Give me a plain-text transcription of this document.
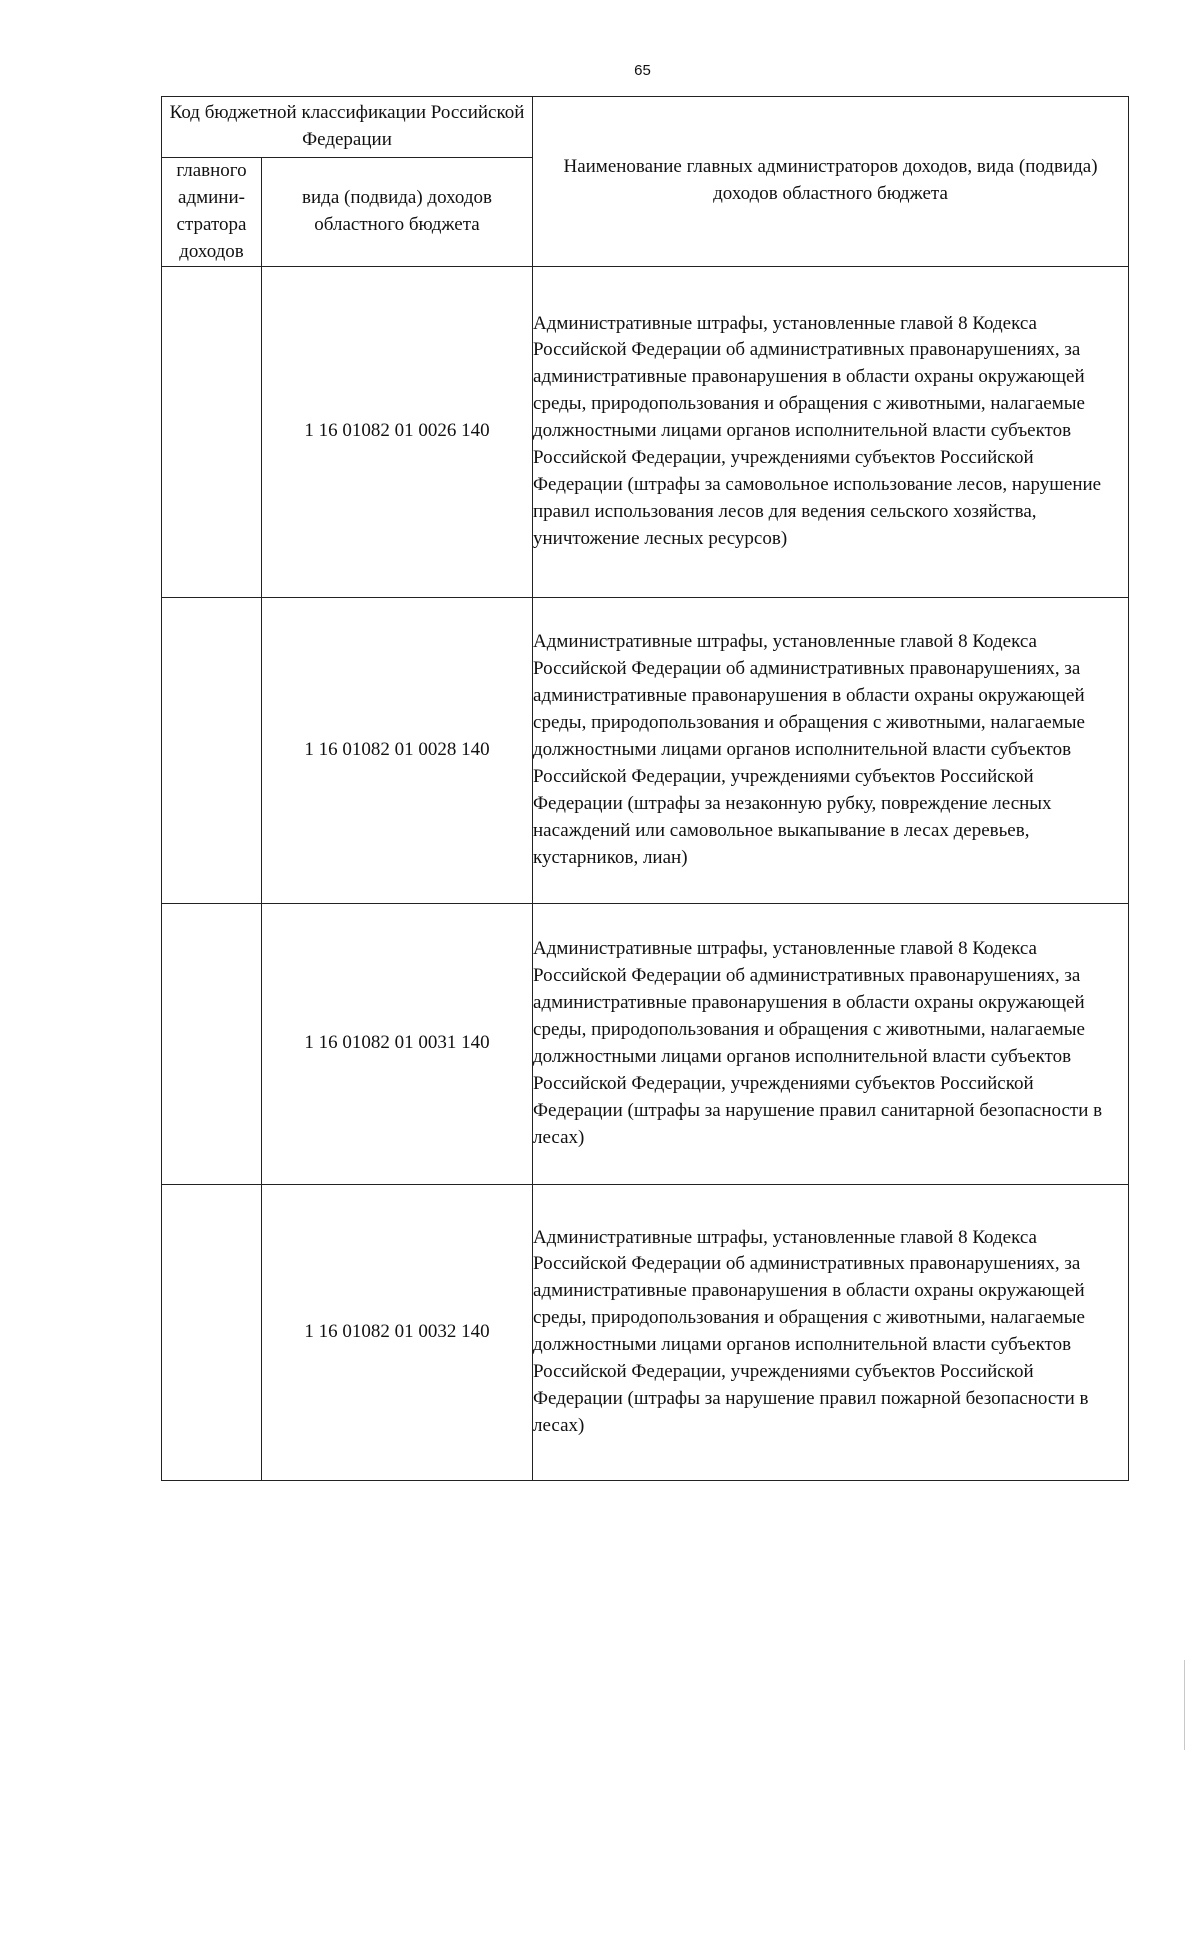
65
Код бюджетной классификации Российской Федерации		Наименование главных администраторов доходов, вида (подвида) доходов областного бюджета
главного админи-стратора доходов	вида (подвида) доходов областного бюджета	
	1 16 01082 01 0026 140	Административные штрафы, установленные главой 8 Кодекса Российской Федерации об административных правонарушениях, за административные правонарушения в области охраны окружающей среды, природопользования и обращения с животными, налагаемые должностными лицами органов исполнительной власти субъектов Российской Федерации, учреждениями субъектов Российской Федерации (штрафы за самовольное использование лесов, нарушение правил использования лесов для ведения сельского хозяйства, уничтожение лесных ресурсов)
	1 16 01082 01 0028 140	Административные штрафы, установленные главой 8 Кодекса Российской Федерации об административных правонарушениях, за административные правонарушения в области охраны окружающей среды, природопользования и обращения с животными, налагаемые должностными лицами органов исполнительной власти субъектов Российской Федерации, учреждениями субъектов Российской Федерации (штрафы за незаконную рубку, повреждение лесных насаждений или самовольное выкапывание в лесах деревьев, кустарников, лиан)
	1 16 01082 01 0031 140	Административные штрафы, установленные главой 8 Кодекса Российской Федерации об административных правонарушениях, за административные правонарушения в области охраны окружающей среды, природопользования и обращения с животными, налагаемые должностными лицами органов исполнительной власти субъектов Российской Федерации, учреждениями субъектов Российской Федерации (штрафы за нарушение правил санитарной безопасности в лесах)
	1 16 01082 01 0032 140	Административные штрафы, установленные главой 8 Кодекса Российской Федерации об административных правонарушениях, за административные правонарушения в области охраны окружающей среды, природопользования и обращения с животными, налагаемые должностными лицами органов исполнительной власти субъектов Российской Федерации, учреждениями субъектов Российской Федерации (штрафы за нарушение правил пожарной безопасности в лесах)
